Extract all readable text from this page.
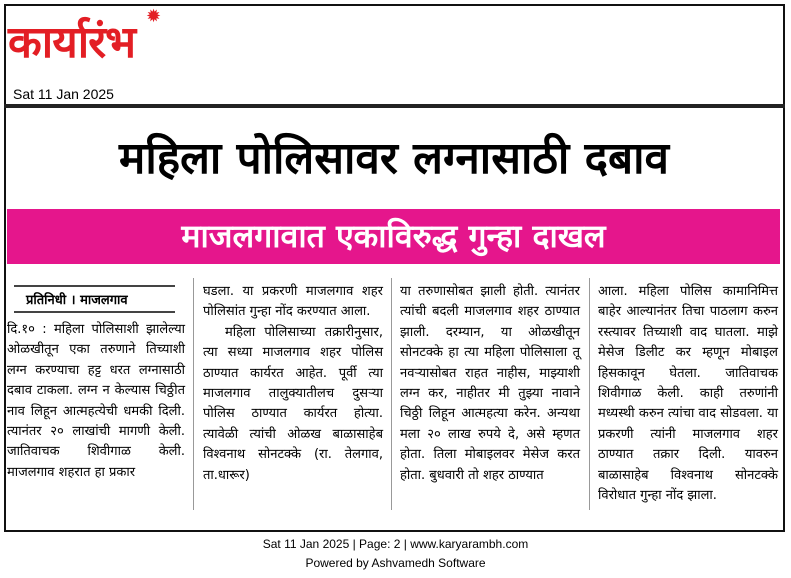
कार्यारंभ
✹
Sat 11 Jan 2025
महिला पोलिसावर लग्नासाठी दबाव
माजलगावात एकाविरुद्ध गुन्हा दाखल
प्रतिनिधी । माजलगाव

दि.१० : महिला पोलिसाशी झालेल्या ओळखीतून एका तरुणाने तिच्याशी लग्न करण्याचा हट्ट धरत लग्नासाठी दबाव टाकला. लग्न न केल्यास चिठ्ठीत नाव लिहून आत्महत्येची धमकी दिली. त्यानंतर २० लाखांची मागणी केली. जातिवाचक शिवीगाळ केली. माजलगाव शहरात हा प्रकार

घडला. या प्रकरणी माजलगाव शहर पोलिसांत गुन्हा नोंद करण्यात आला.

महिला पोलिसाच्या तक्रारीनुसार, त्या सध्या माजलगाव शहर पोलिस ठाण्यात कार्यरत आहेत. पूर्वी त्या माजलगाव तालुक्यातीलच दुसऱ्या पोलिस ठाण्यात कार्यरत होत्या. त्यावेळी त्यांची ओळख बाळासाहेब विश्वनाथ सोनटक्के (रा. तेलगाव, ता.धारूर)

या तरुणासोबत झाली होती. त्यानंतर त्यांची बदली माजलगाव शहर ठाण्यात झाली. दरम्यान, या ओळखीतून सोनटक्के हा त्या महिला पोलिसाला तू नवऱ्यासोबत राहत नाहीस, माझ्याशी लग्न कर, नाहीतर मी तुझ्या नावाने चिठ्ठी लिहून आत्महत्या करेन. अन्यथा मला २० लाख रुपये दे, असे म्हणत होता. तिला मोबाइलवर मेसेज करत होता. बुधवारी तो शहर ठाण्यात

आला. महिला पोलिस कामानिमित्त बाहेर आल्यानंतर तिचा पाठलाग करुन रस्त्यावर तिच्याशी वाद घातला. माझे मेसेज डिलीट कर म्हणून मोबाइल हिसकावून घेतला. जातिवाचक शिवीगाळ केली. काही तरुणांनी मध्यस्थी करुन त्यांचा वाद सोडवला. या प्रकरणी त्यांनी माजलगाव शहर ठाण्यात तक्रार दिली. यावरुन बाळासाहेब विश्वनाथ सोनटक्के विरोधात गुन्हा नोंद झाला.

Sat 11 Jan 2025 | Page: 2 | www.karyarambh.com
Powered by Ashvamedh Software
